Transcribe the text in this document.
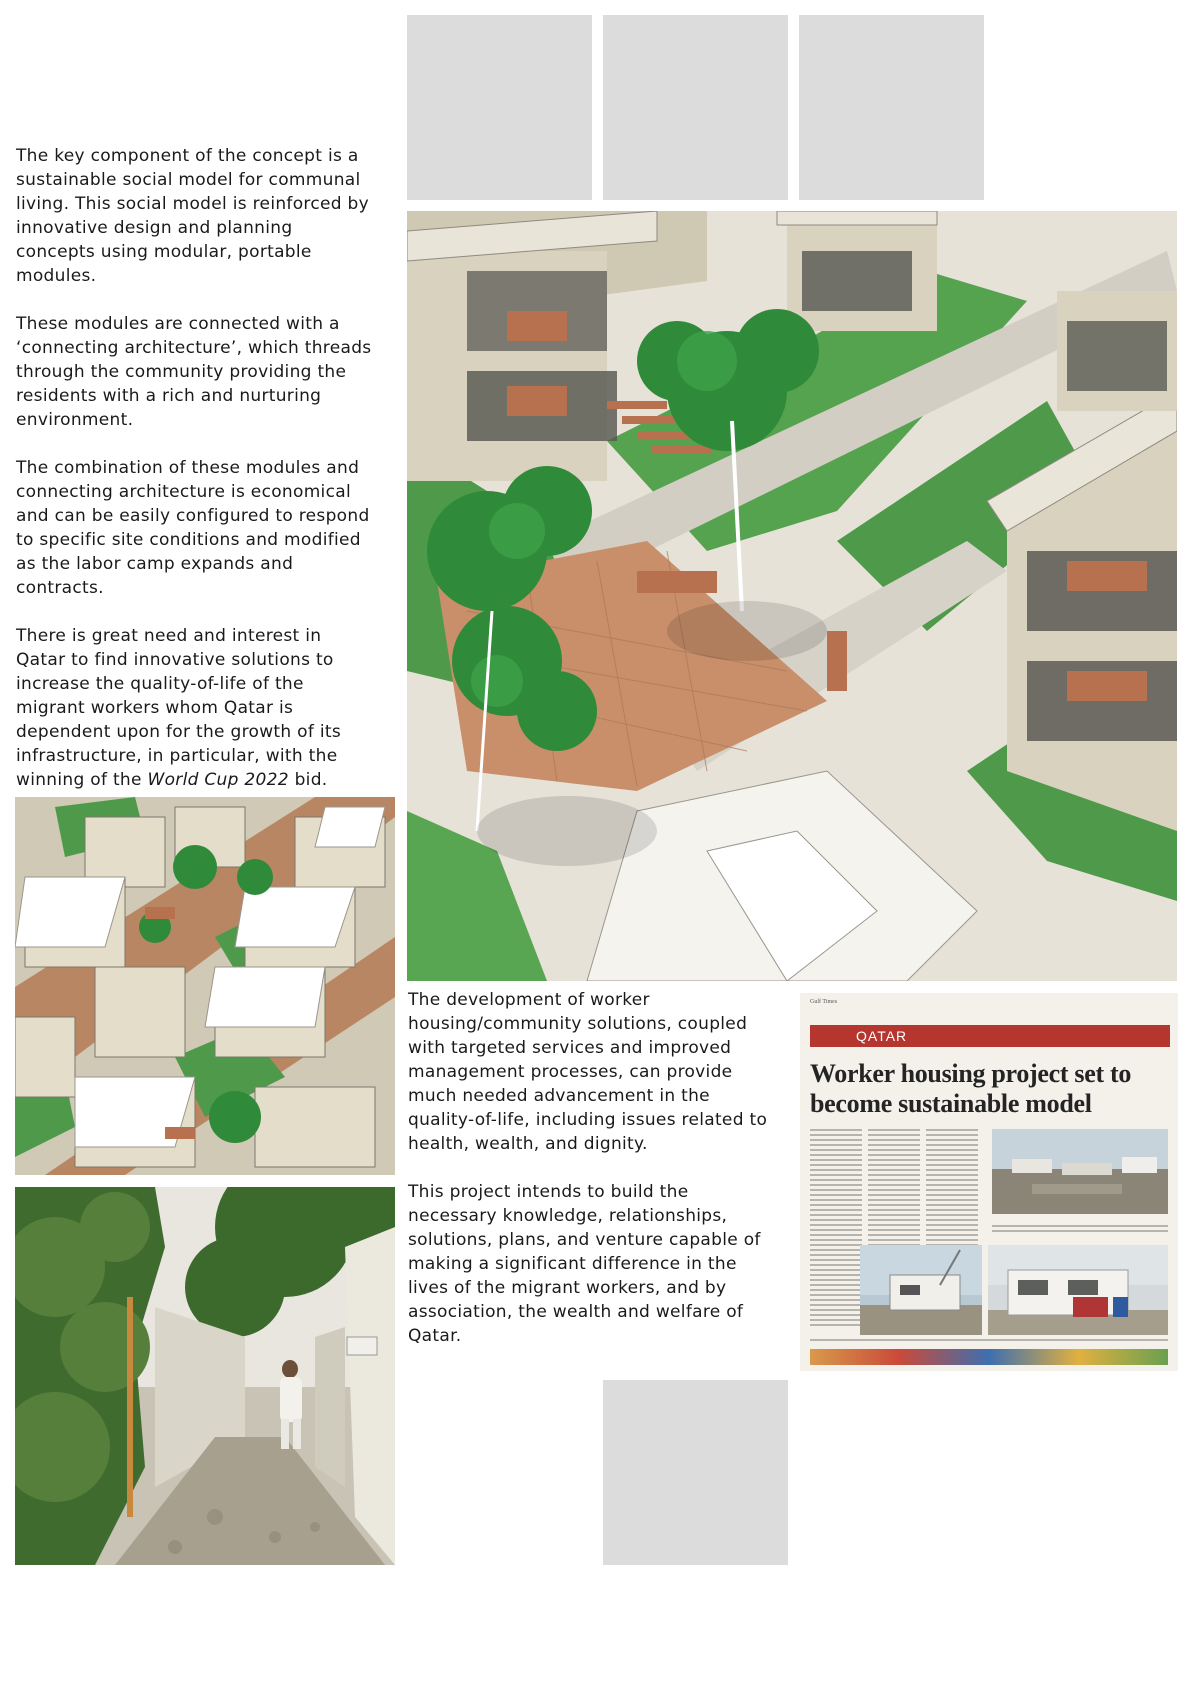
The key component of the concept is a sustainable social model for communal living. This social model is reinforced by innovative design and planning concepts using modular, portable modules.

These modules are connected with a ‘connecting architecture’, which threads through the community providing the residents with a rich and nurturing environment.

The combination of these modules and connecting architecture is economical and can be easily configured to respond to specific site conditions and modified as the labor camp expands and contracts.

There is great need and interest in Qatar to find innovative solutions to increase the quality-of-life of the migrant workers whom Qatar is dependent upon for the growth of its infrastructure, in particular, with the winning of the World Cup 2022 bid.

The development of worker housing/community solutions, coupled with targeted services and improved management processes, can provide much needed advancement in the quality-of-life, including issues related to health, wealth, and dignity.

This project intends to build the necessary knowledge, relationships, solutions, plans, and venture capable of making a significant difference in the lives of the migrant workers, and by association, the wealth and welfare of Qatar.

Gulf Times
QATAR
Worker housing project set to become sustainable model
